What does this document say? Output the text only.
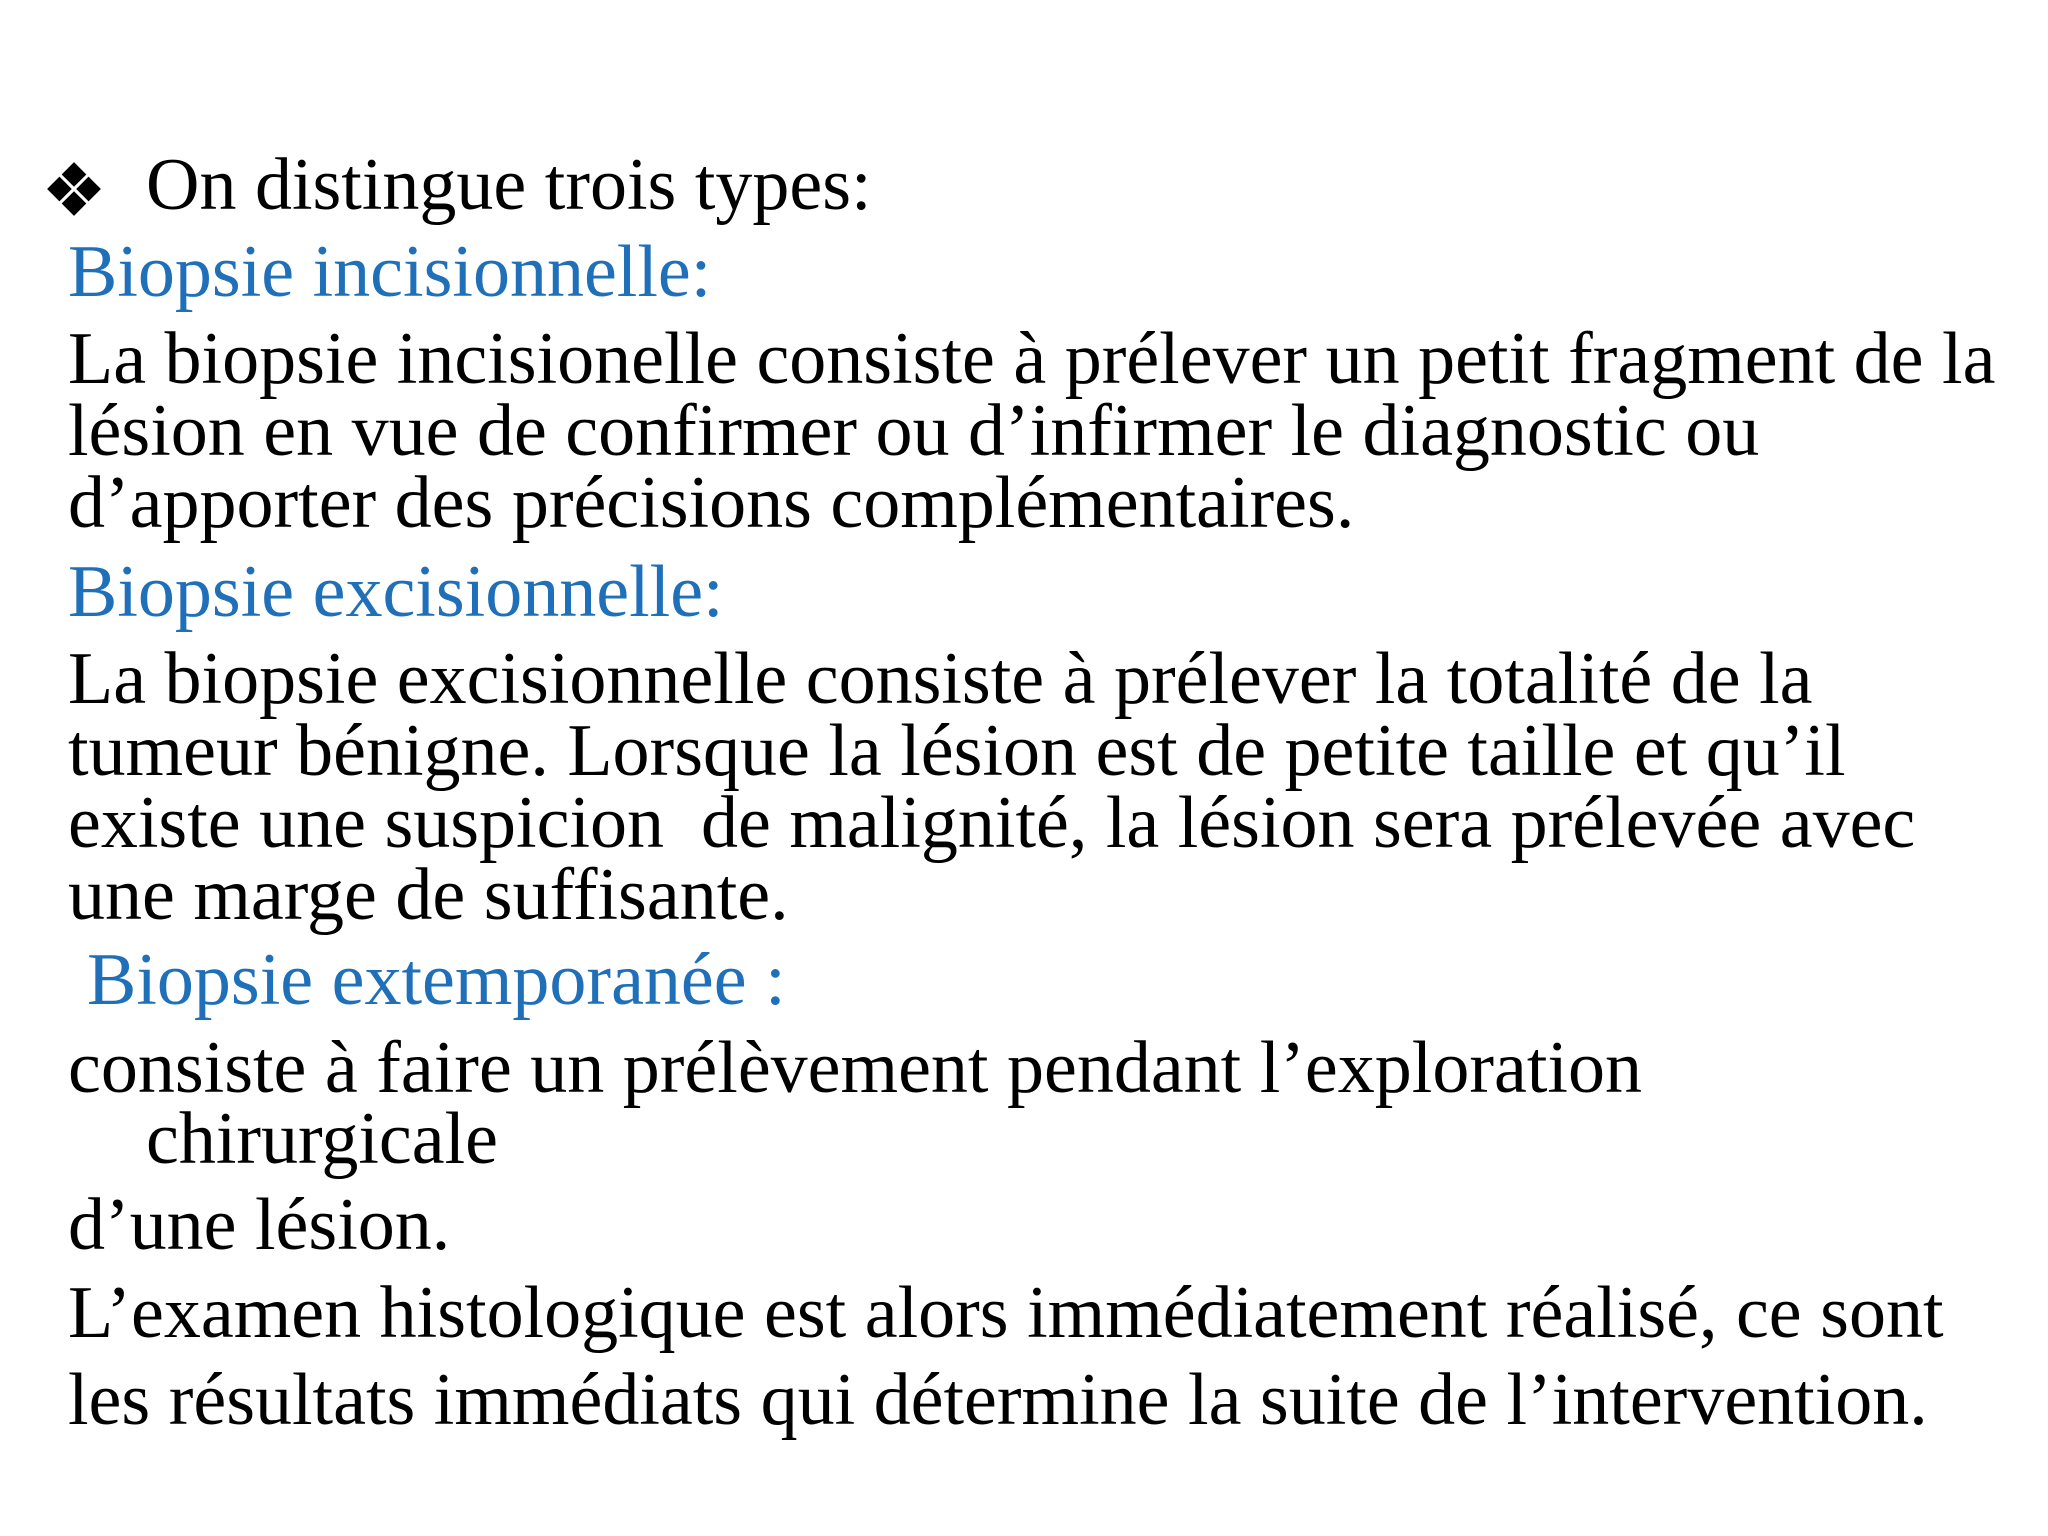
On distingue trois types:

Biopsie incisionnelle:

La biopsie incisionelle consiste à prélever un petit fragment de la

lésion en vue de confirmer ou d’infirmer le diagnostic ou

d’apporter des précisions complémentaires.

Biopsie excisionnelle:

La biopsie excisionnelle consiste à prélever la totalité de la

tumeur bénigne. Lorsque la lésion est de petite taille et qu’il

existe une suspicion  de malignité, la lésion sera prélevée avec

une marge de suffisante.

Biopsie extemporanée :

consiste à faire un prélèvement pendant l’exploration

chirurgicale

d’une lésion.

L’examen histologique est alors immédiatement réalisé, ce sont

les résultats immédiats qui détermine la suite de l’intervention.
